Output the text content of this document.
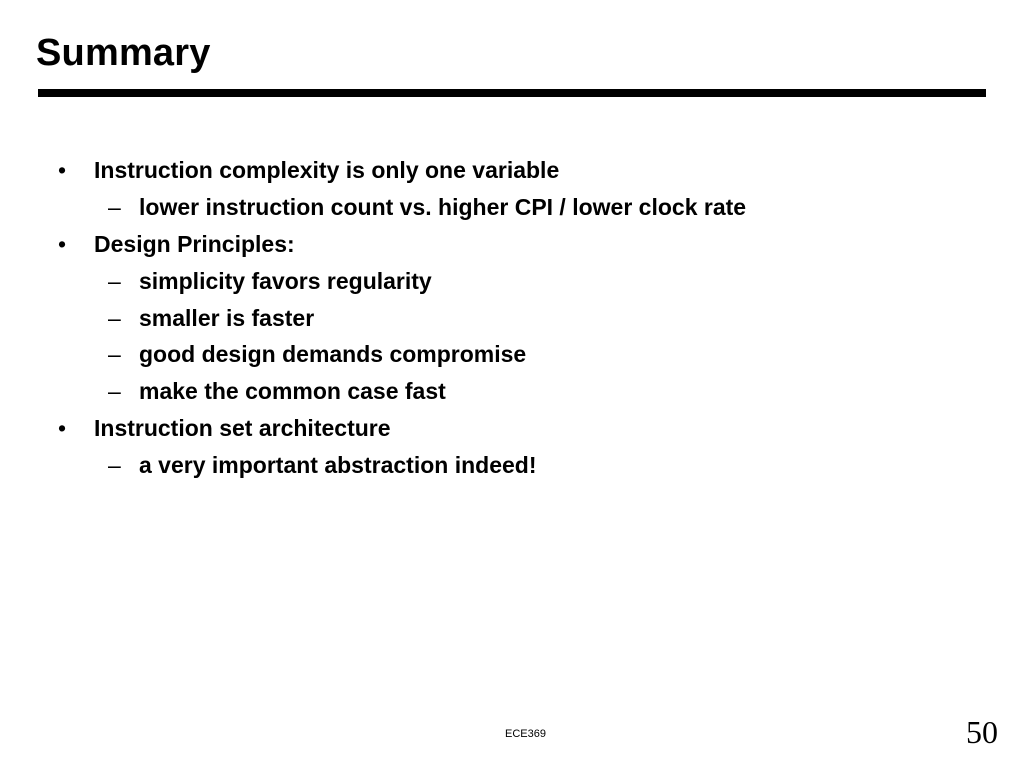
Summary
• Instruction complexity is only one variable
– lower instruction count vs. higher CPI / lower clock rate
• Design Principles:
– simplicity favors regularity
– smaller is faster
– good design demands compromise
– make the common case fast
• Instruction set architecture
– a very important abstraction indeed!
ECE369	50
